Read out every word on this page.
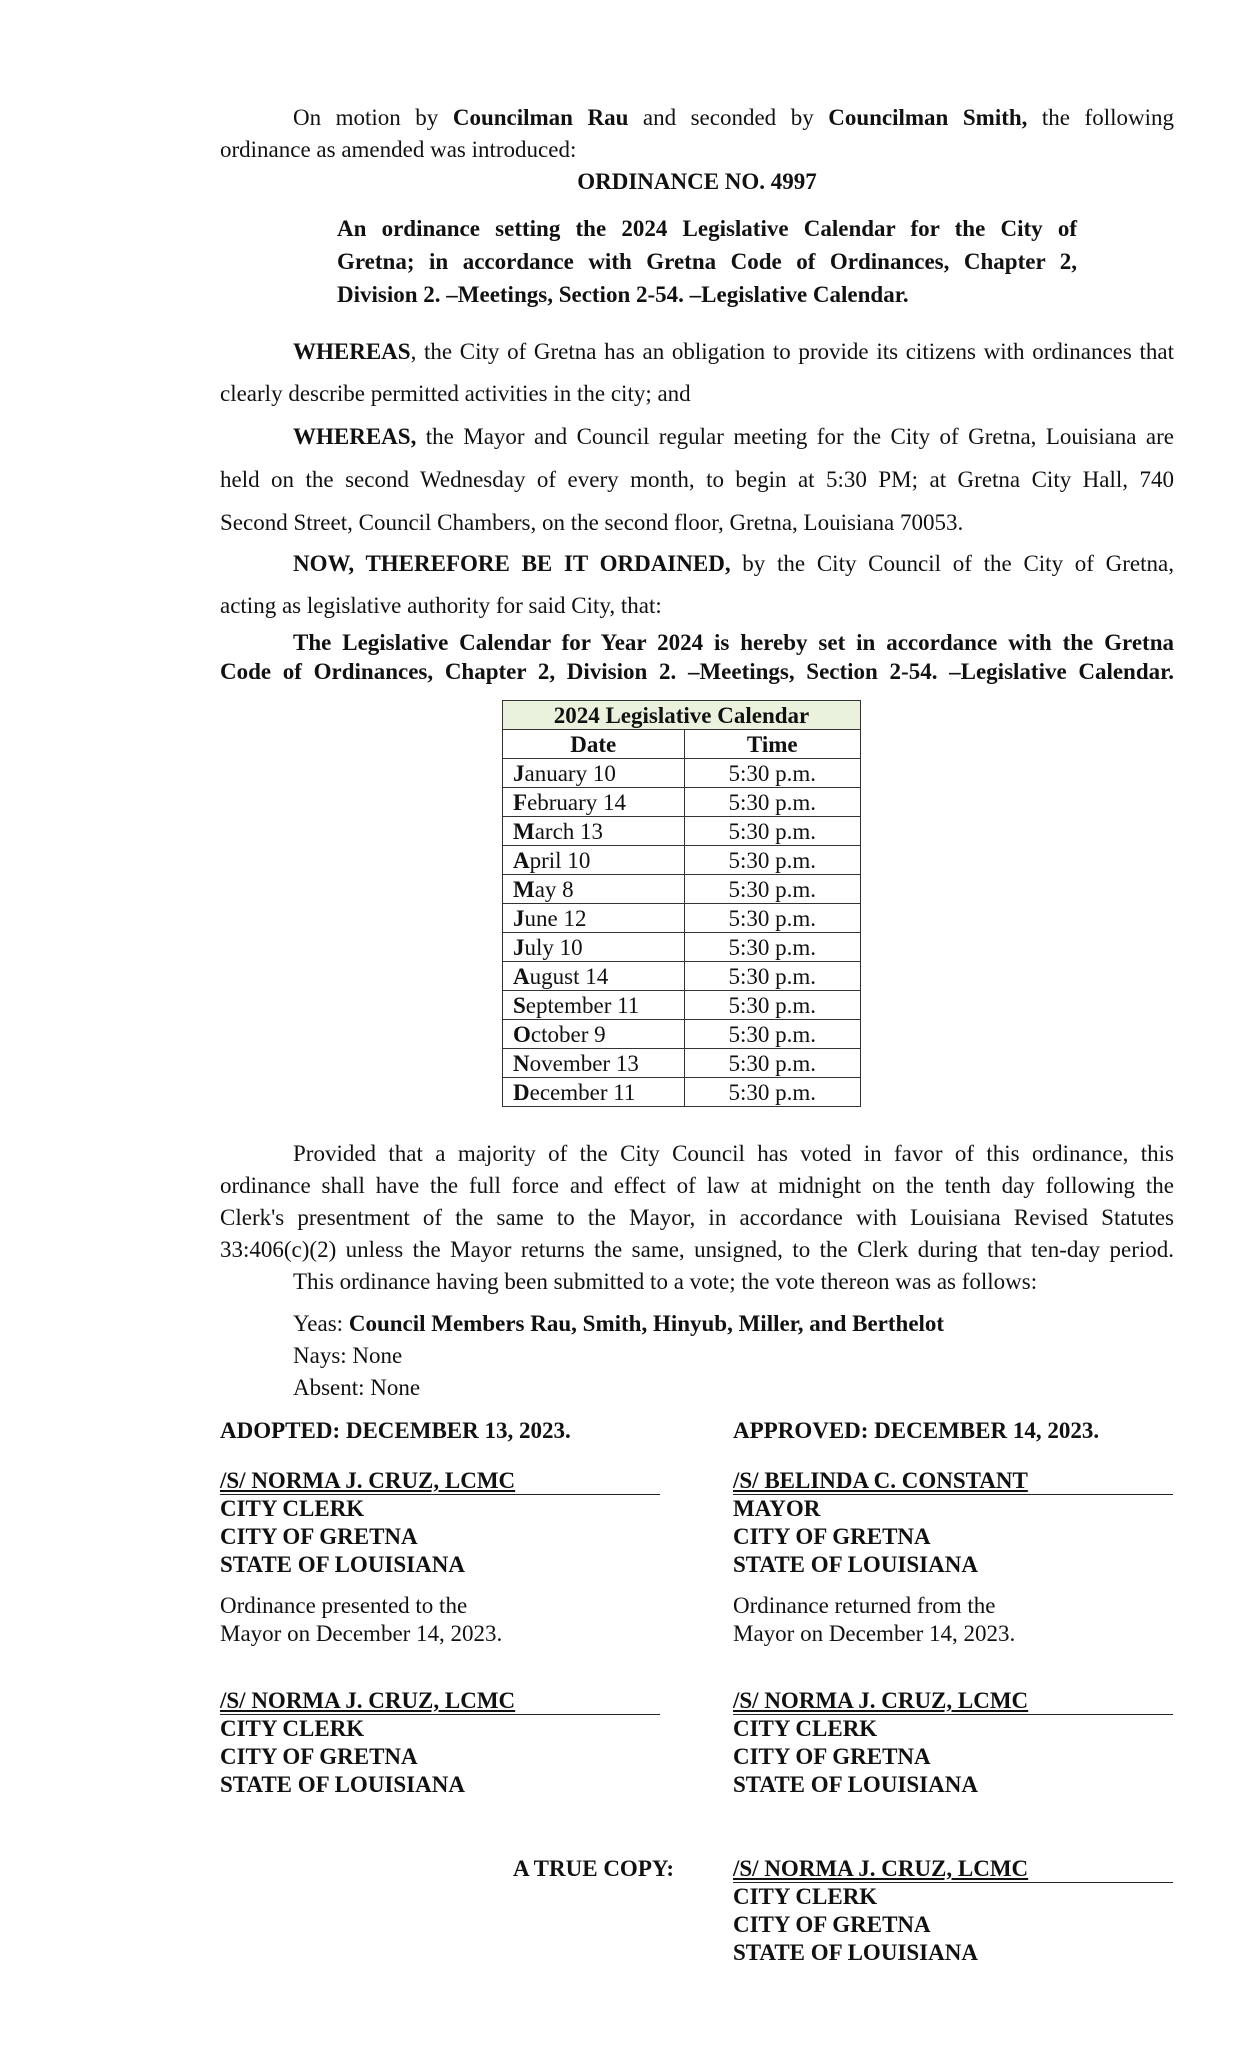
On motion by Councilman Rau and seconded by Councilman Smith, the following
ordinance as amended was introduced:
ORDINANCE NO. 4997
An ordinance setting the 2024 Legislative Calendar for the City of
Gretna; in accordance with Gretna Code of Ordinances, Chapter 2,
Division 2. –Meetings, Section 2-54. –Legislative Calendar.
WHEREAS, the City of Gretna has an obligation to provide its citizens with ordinances that
clearly describe permitted activities in the city; and
WHEREAS, the Mayor and Council regular meeting for the City of Gretna, Louisiana are
held on the second Wednesday of every month, to begin at 5:30 PM; at Gretna City Hall, 740
Second Street, Council Chambers, on the second floor, Gretna, Louisiana 70053.
NOW, THEREFORE BE IT ORDAINED, by the City Council of the City of Gretna,
acting as legislative authority for said City, that:
The Legislative Calendar for Year 2024 is hereby set in accordance with the Gretna
Code of Ordinances, Chapter 2, Division 2. –Meetings, Section 2-54. –Legislative Calendar.
2024 Legislative Calendar	
Date	Time
January 10	5:30 p.m.
February 14	5:30 p.m.
March 13	5:30 p.m.
April 10	5:30 p.m.
May 8	5:30 p.m.
June 12	5:30 p.m.
July 10	5:30 p.m.
August 14	5:30 p.m.
September 11	5:30 p.m.
October 9	5:30 p.m.
November 13	5:30 p.m.
December 11	5:30 p.m.
Provided that a majority of the City Council has voted in favor of this ordinance, this
ordinance shall have the full force and effect of law at midnight on the tenth day following the
Clerk's presentment of the same to the Mayor, in accordance with Louisiana Revised Statutes
33:406(c)(2) unless the Mayor returns the same, unsigned, to the Clerk during that ten-day period.
This ordinance having been submitted to a vote; the vote thereon was as follows:
Yeas: Council Members Rau, Smith, Hinyub, Miller, and Berthelot
Nays: None
Absent: None
ADOPTED: DECEMBER 13, 2023.	APPROVED: DECEMBER 14, 2023.
/S/ NORMA J. CRUZ, LCMC
CITY CLERK
CITY OF GRETNA
STATE OF LOUISIANA
/S/ BELINDA C. CONSTANT
MAYOR
CITY OF GRETNA
STATE OF LOUISIANA
Ordinance presented to the
Mayor on December 14, 2023.
Ordinance returned from the
Mayor on December 14, 2023.
/S/ NORMA J. CRUZ, LCMC
CITY CLERK
CITY OF GRETNA
STATE OF LOUISIANA
/S/ NORMA J. CRUZ, LCMC
CITY CLERK
CITY OF GRETNA
STATE OF LOUISIANA
A TRUE COPY:	/S/ NORMA J. CRUZ, LCMC
CITY CLERK
CITY OF GRETNA
STATE OF LOUISIANA
